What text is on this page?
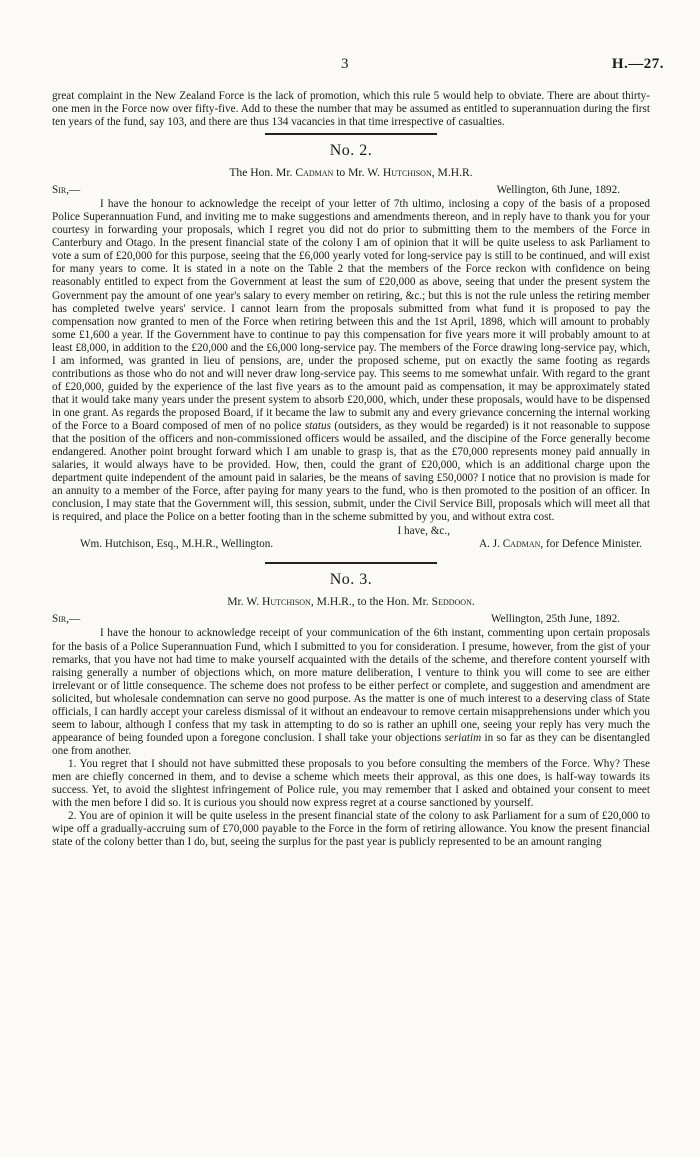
3	H.—27.

great complaint in the New Zealand Force is the lack of promotion, which this rule 5 would help to obviate. There are about thirty-one men in the Force now over fifty-five. Add to these the number that may be assumed as entitled to superannuation during the first ten years of the fund, say 103, and there are thus 134 vacancies in that time irrespective of casualties.

No. 2.
The Hon. Mr. Cadman to Mr. W. Hutchison, M.H.R.
Sir,—	Wellington, 6th June, 1892.

I have the honour to acknowledge the receipt of your letter of 7th ultimo, inclosing a copy of the basis of a proposed Police Superannuation Fund, and inviting me to make suggestions and amendments thereon, and in reply have to thank you for your courtesy in forwarding your proposals, which I regret you did not do prior to submitting them to the members of the Force in Canterbury and Otago. In the present financial state of the colony I am of opinion that it will be quite useless to ask Parliament to vote a sum of £20,000 for this purpose, seeing that the £6,000 yearly voted for long-service pay is still to be continued, and will exist for many years to come. It is stated in a note on the Table 2 that the members of the Force reckon with confidence on being reasonably entitled to expect from the Government at least the sum of £20,000 as above, seeing that under the present system the Government pay the amount of one year's salary to every member on retiring, &c.; but this is not the rule unless the retiring member has completed twelve years' service. I cannot learn from the proposals submitted from what fund it is proposed to pay the compensation now granted to men of the Force when retiring between this and the 1st April, 1898, which will amount to probably some £1,600 a year. If the Government have to continue to pay this compensation for five years more it will probably amount to at least £8,000, in addition to the £20,000 and the £6,000 long-service pay. The members of the Force drawing long-service pay, which, I am informed, was granted in lieu of pensions, are, under the proposed scheme, put on exactly the same footing as regards contributions as those who do not and will never draw long-service pay. This seems to me somewhat unfair. With regard to the grant of £20,000, guided by the experience of the last five years as to the amount paid as compensation, it may be approximately stated that it would take many years under the present system to absorb £20,000, which, under these proposals, would have to be dispensed in one grant. As regards the proposed Board, if it became the law to submit any and every grievance concerning the internal working of the Force to a Board composed of men of no police status (outsiders, as they would be regarded) is it not reasonable to suppose that the position of the officers and non-commissioned officers would be assailed, and the discipine of the Force generally become endangered. Another point brought forward which I am unable to grasp is, that as the £70,000 represents money paid annually in salaries, it would always have to be provided. How, then, could the grant of £20,000, which is an additional charge upon the department quite independent of the amount paid in salaries, be the means of saving £50,000? I notice that no provision is made for an annuity to a member of the Force, after paying for many years to the fund, who is then promoted to the position of an officer. In conclusion, I may state that the Government will, this session, submit, under the Civil Service Bill, proposals which will meet all that is required, and place the Police on a better footing than in the scheme submitted by you, and without extra cost.

I have, &c.,
Wm. Hutchison, Esq., M.H.R., Wellington.	A. J. Cadman, for Defence Minister.
No. 3.
Mr. W. Hutchison, M.H.R., to the Hon. Mr. Seddoon.
Sir,—	Wellington, 25th June, 1892.

I have the honour to acknowledge receipt of your communication of the 6th instant, commenting upon certain proposals for the basis of a Police Superannuation Fund, which I submitted to you for consideration. I presume, however, from the gist of your remarks, that you have not had time to make yourself acquainted with the details of the scheme, and therefore content yourself with raising generally a number of objections which, on more mature deliberation, I venture to think you will come to see are either irrelevant or of little consequence. The scheme does not profess to be either perfect or complete, and suggestion and amendment are solicited, but wholesale condemnation can serve no good purpose. As the matter is one of much interest to a deserving class of State officials, I can hardly accept your careless dismissal of it without an endeavour to remove certain misapprehensions under which you seem to labour, although I confess that my task in attempting to do so is rather an uphill one, seeing your reply has very much the appearance of being founded upon a foregone conclusion. I shall take your objections seriatim in so far as they can be disentangled one from another.

1. You regret that I should not have submitted these proposals to you before consulting the members of the Force. Why? These men are chiefly concerned in them, and to devise a scheme which meets their approval, as this one does, is half-way towards its success. Yet, to avoid the slightest infringement of Police rule, you may remember that I asked and obtained your consent to meet with the men before I did so. It is curious you should now express regret at a course sanctioned by yourself.

2. You are of opinion it will be quite useless in the present financial state of the colony to ask Parliament for a sum of £20,000 to wipe off a gradually-accruing sum of £70,000 payable to the Force in the form of retiring allowance. You know the present financial state of the colony better than I do, but, seeing the surplus for the past year is publicly represented to be an amount ranging
